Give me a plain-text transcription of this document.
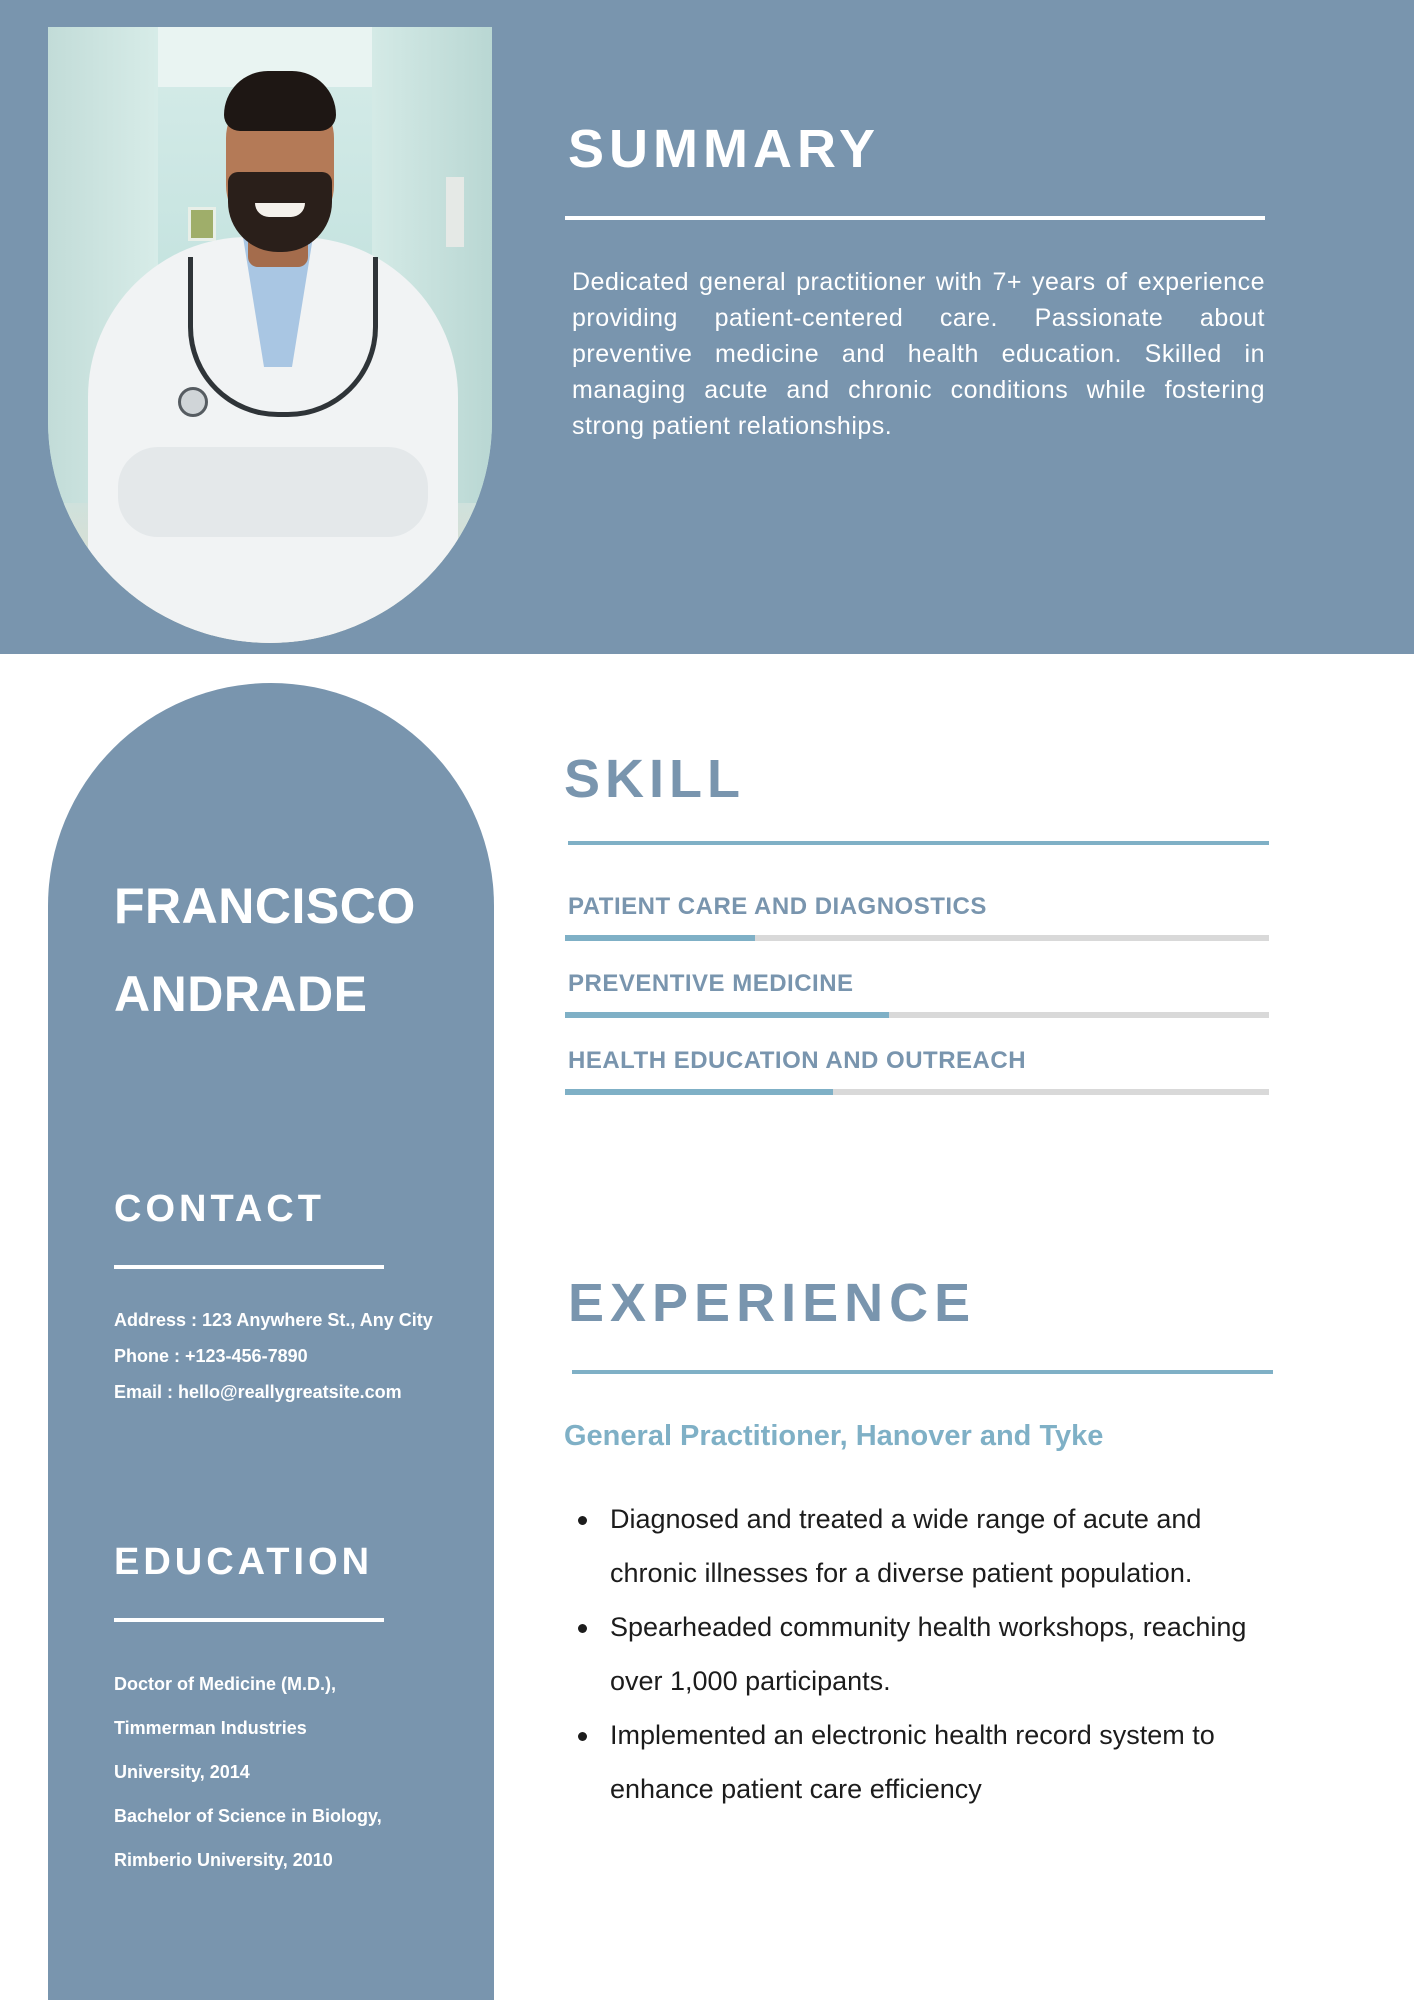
SUMMARY

Dedicated general practitioner with 7+ years of experience providing patient-centered care. Passionate about preventive medicine and health education. Skilled in managing acute and chronic conditions while fostering strong patient relationships.

FRANCISCO
ANDRADE
CONTACT
Address : 123 Anywhere St., Any City
Phone : +123-456-7890
Email : hello@reallygreatsite.com
EDUCATION
Doctor of Medicine (M.D.),
Timmerman Industries
University, 2014
Bachelor of Science in Biology,
Rimberio University, 2010
SKILL
PATIENT CARE AND DIAGNOSTICS
PREVENTIVE MEDICINE
HEALTH EDUCATION AND OUTREACH
EXPERIENCE
General Practitioner, Hanover and Tyke
Diagnosed and treated a wide range of acute and chronic illnesses for a diverse patient population.
Spearheaded community health workshops, reaching over 1,000 participants.
Implemented an electronic health record system to enhance patient care efficiency
